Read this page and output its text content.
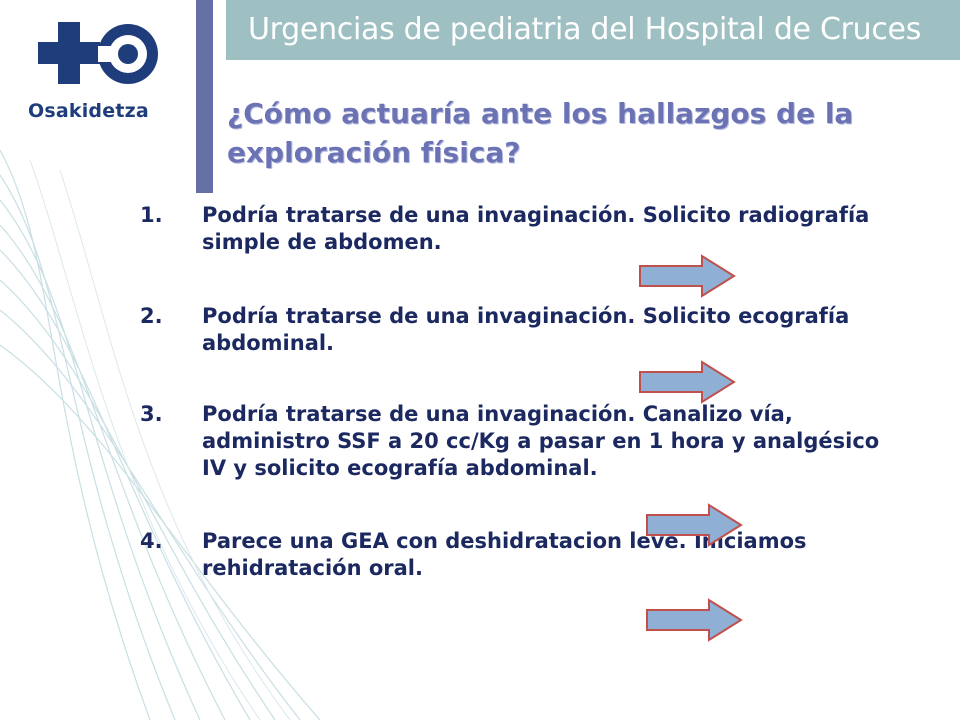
Osakidetza
Urgencias de pediatria del Hospital de Cruces
¿Cómo actuaría ante los hallazgos de la exploración física?
1. Podría tratarse de una invaginación. Solicito radiografía simple de abdomen.
2. Podría tratarse de una invaginación. Solicito ecografía abdominal.
3. Podría tratarse de una invaginación. Canalizo vía, administro SSF a 20 cc/Kg a pasar en 1 hora y analgésico IV y solicito ecografía abdominal.
4. Parece una GEA con deshidratacion leve. Iniciamos rehidratación oral.
